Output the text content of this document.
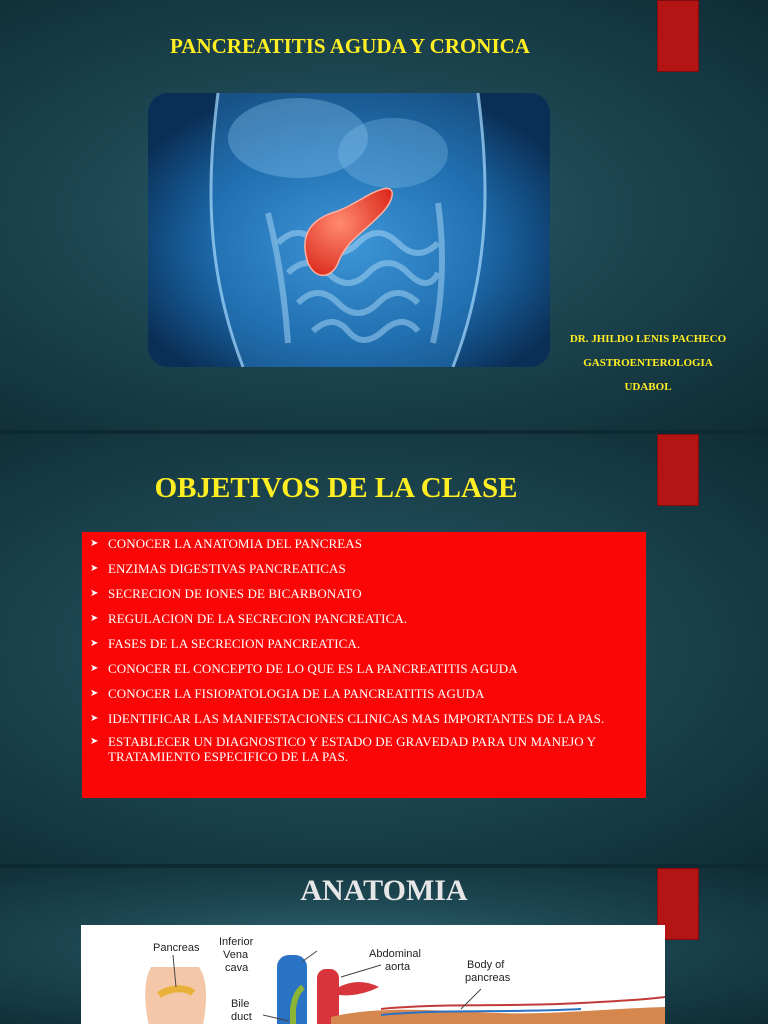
PANCREATITIS AGUDA Y CRONICA

DR. JHILDO LENIS PACHECO

GASTROENTEROLOGIA

UDABOL

OBJETIVOS DE LA CLASE
➤ CONOCER LA ANATOMIA DEL PANCREAS
➤ ENZIMAS DIGESTIVAS PANCREATICAS
➤ SECRECION DE IONES DE BICARBONATO
➤ REGULACION DE LA SECRECION PANCREATICA.
➤ FASES DE LA SECRECION PANCREATICA.
➤ CONOCER EL CONCEPTO DE LO QUE ES LA PANCREATITIS AGUDA
➤ CONOCER LA FISIOPATOLOGIA DE LA PANCREATITIS AGUDA
➤ IDENTIFICAR LAS MANIFESTACIONES CLINICAS MAS IMPORTANTES DE LA PAS.
➤ ESTABLECER UN DIAGNOSTICO Y ESTADO DE GRAVEDAD PARA UN MANEJO Y TRATAMIENTO ESPECIFICO DE LA PAS.
ANATOMIA
Pancreas Inferior
Vena
cava
Abdominal
aorta	Body of
pancreas
Bile
duct
